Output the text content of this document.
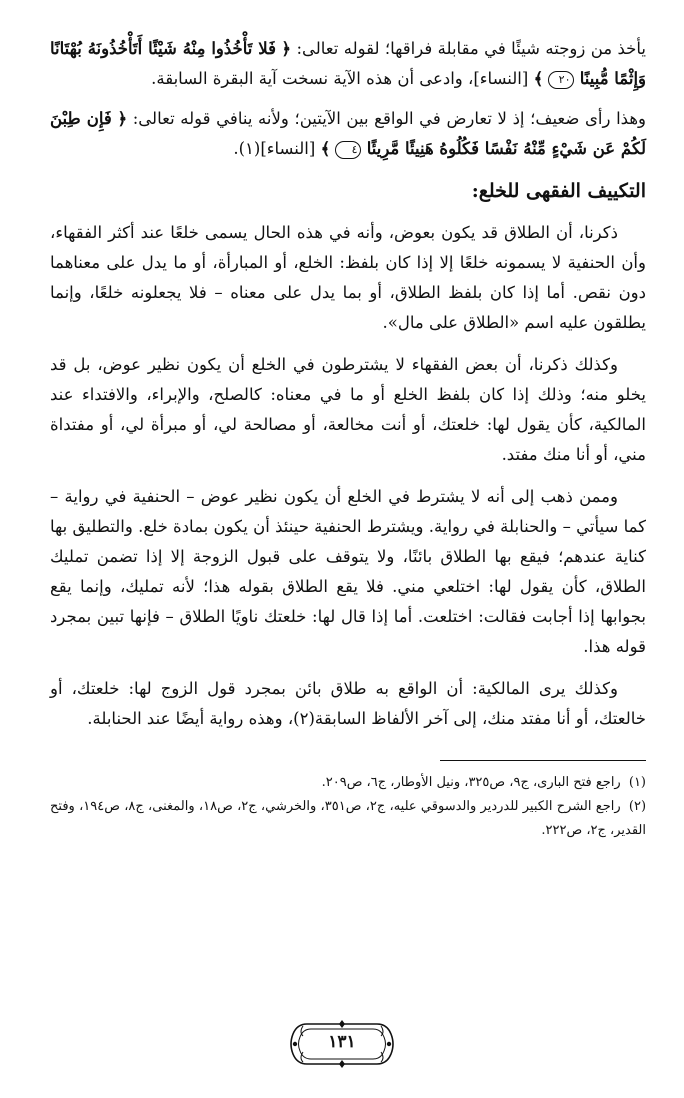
يأخذ من زوجته شيئًا في مقابلة فراقها؛ لقوله تعالى: ﴿ فَلا تَأْخُذُوا مِنْهُ شَيْئًا أَتَأْخُذُونَهُ بُهْتَانًا وَإِثْمًا مُّبِينًا ٢٠ ﴾ [النساء]، وادعى أن هذه الآية نسخت آية البقرة السابقة.

وهذا رأى ضعيف؛ إذ لا تعارض في الواقع بين الآيتين؛ ولأنه ينافي قوله تعالى: ﴿ فَإِن طِبْنَ لَكُمْ عَن شَيْءٍ مِّنْهُ نَفْسًا فَكُلُوهُ هَنِيئًا مَّرِيئًا ٤ ﴾ [النساء](١).

التكييف الفقهى للخلع:

ذكرنا، أن الطلاق قد يكون بعوض، وأنه في هذه الحال يسمى خلعًا عند أكثر الفقهاء، وأن الحنفية لا يسمونه خلعًا إلا إذا كان بلفظ: الخلع، أو المبارأة، أو ما يدل على معناهما دون نقص. أما إذا كان بلفظ الطلاق، أو بما يدل على معناه – فلا يجعلونه خلعًا، وإنما يطلقون عليه اسم «الطلاق على مال».

وكذلك ذكرنا، أن بعض الفقهاء لا يشترطون في الخلع أن يكون نظير عوض، بل قد يخلو منه؛ وذلك إذا كان بلفظ الخلع أو ما في معناه: كالصلح، والإبراء، والافتداء عند المالكية، كأن يقول لها: خلعتك، أو أنت مخالعة، أو مصالحة لي، أو مبرأة لي، أو مفتداة مني، أو أنا منك مفتد.

وممن ذهب إلى أنه لا يشترط في الخلع أن يكون نظير عوض – الحنفية في رواية – كما سيأتي – والحنابلة في رواية. ويشترط الحنفية حينئذ أن يكون بمادة خلع. والتطليق بها كناية عندهم؛ فيقع بها الطلاق بائنًا، ولا يتوقف على قبول الزوجة إلا إذا تضمن تمليك الطلاق، كأن يقول لها: اختلعي مني. فلا يقع الطلاق بقوله هذا؛ لأنه تمليك، وإنما يقع بجوابها إذا أجابت فقالت: اختلعت. أما إذا قال لها: خلعتك ناويًا الطلاق – فإنها تبين بمجرد قوله هذا.

وكذلك يرى المالكية: أن الواقع به طلاق بائن بمجرد قول الزوج لها: خلعتك، أو خالعتك، أو أنا مفتد منك، إلى آخر الألفاظ السابقة(٢)، وهذه رواية أيضًا عند الحنابلة.

(١) راجع فتح البارى، ج٩، ص٣٢٥، ونيل الأوطار، ج٦، ص٢٠٩.

(٢) راجع الشرح الكبير للدردير والدسوقي عليه، ج٢، ص٣٥١، والخرشي، ج٢، ص١٨، والمغنى، ج٨، ص١٩٤، وفتح القدير، ج٢، ص٢٢٢.

١٣١
